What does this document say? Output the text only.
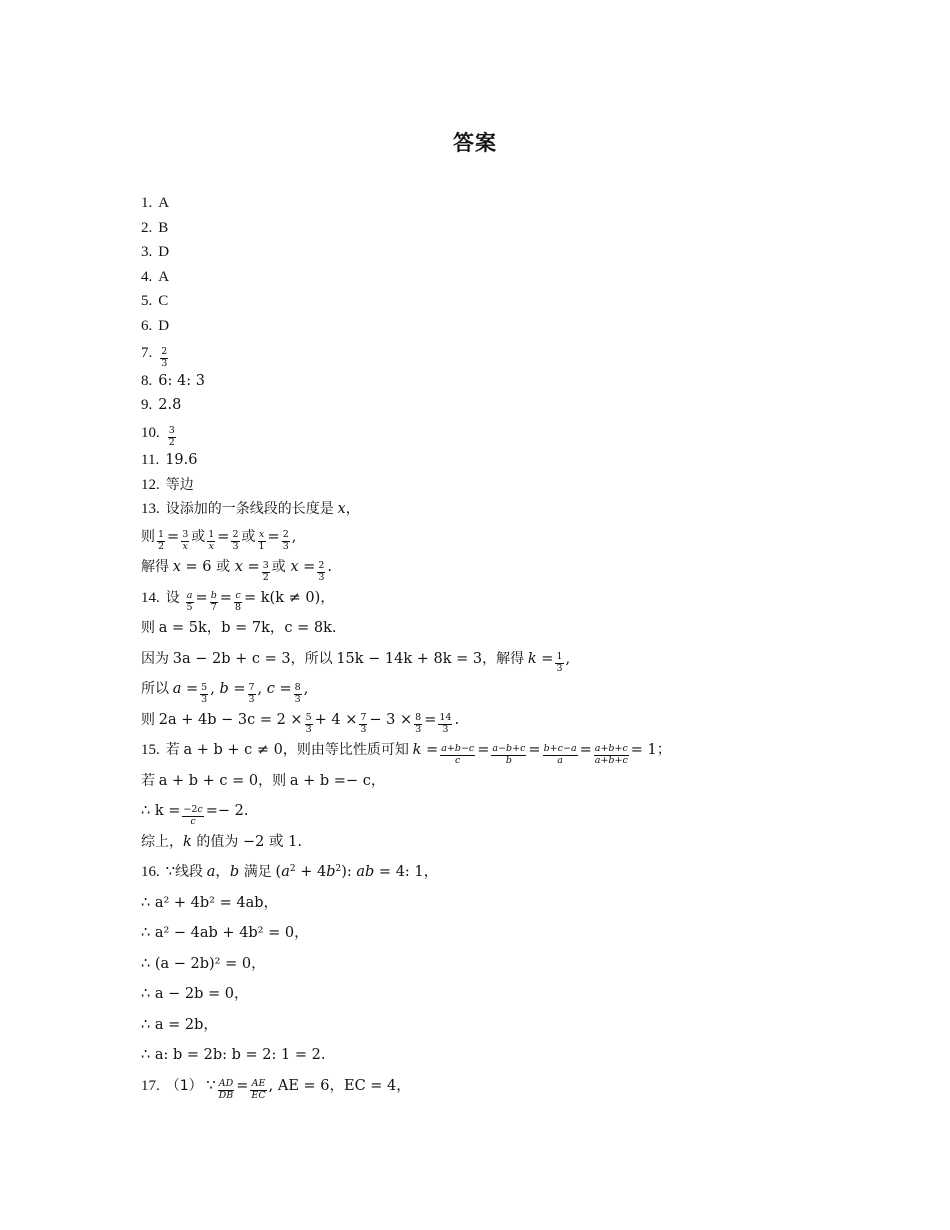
答案
1. A
2. B
3. D
4. A
5. C
6. D
7. $\frac{2}{3}$
8. 6: 4: 3
9. 2.8
10. $\frac{3}{2}$
11. 19.6
12. 等边
13. 设添加的一条线段的长度是 x，
则 $\frac{1}{2} = \frac{3}{x}$ 或 $\frac{1}{x} = \frac{2}{3}$ 或 $\frac{x}{1} = \frac{2}{3}$ ,
解得 x = 6 或 $x = \frac{3}{2}$ 或 $x = \frac{2}{3}$ .
14. 设 $\frac{a}{5} = \frac{b}{7} = \frac{c}{8} = k(k \ne 0)$，
则 a = 5k，b = 7k，c = 8k.
因为 3a − 2b + c = 3，所以 15k − 14k + 8k = 3，解得 $k = \frac{1}{3}$ ,
所以 $a = \frac{5}{3}$ , $b = \frac{7}{3}$ , $c = \frac{8}{3}$ ,
则 $2a + 4b - 3c = 2 \times \frac{5}{3} + 4 \times \frac{7}{3} - 3 \times \frac{8}{3} = \frac{14}{3}$ .
15. 若 a + b + c ≠ 0，则由等比性质可知 $k = \frac{a+b-c}{c} = \frac{a-b+c}{b} = \frac{b+c-a}{a} = \frac{a+b+c}{a+b+c} = 1$；
若 a + b + c = 0，则 a + b =− c，
∴ $k = \frac{-2c}{c} =- 2$.
综上，k 的值为 −2 或 1.
16. ∵线段 a，b 满足 $(a^2 + 4b^2)$: ab = 4: 1，
∴ a² + 4b² = 4ab，
∴ a² − 4ab + 4b² = 0，
∴ (a − 2b)² = 0，
∴ a − 2b = 0，
∴ a = 2b，
∴ a: b = 2b: b = 2: 1 = 2.
17. （1） ∵ $\frac{AD}{DB} = \frac{AE}{EC}$ , AE = 6，EC = 4，
